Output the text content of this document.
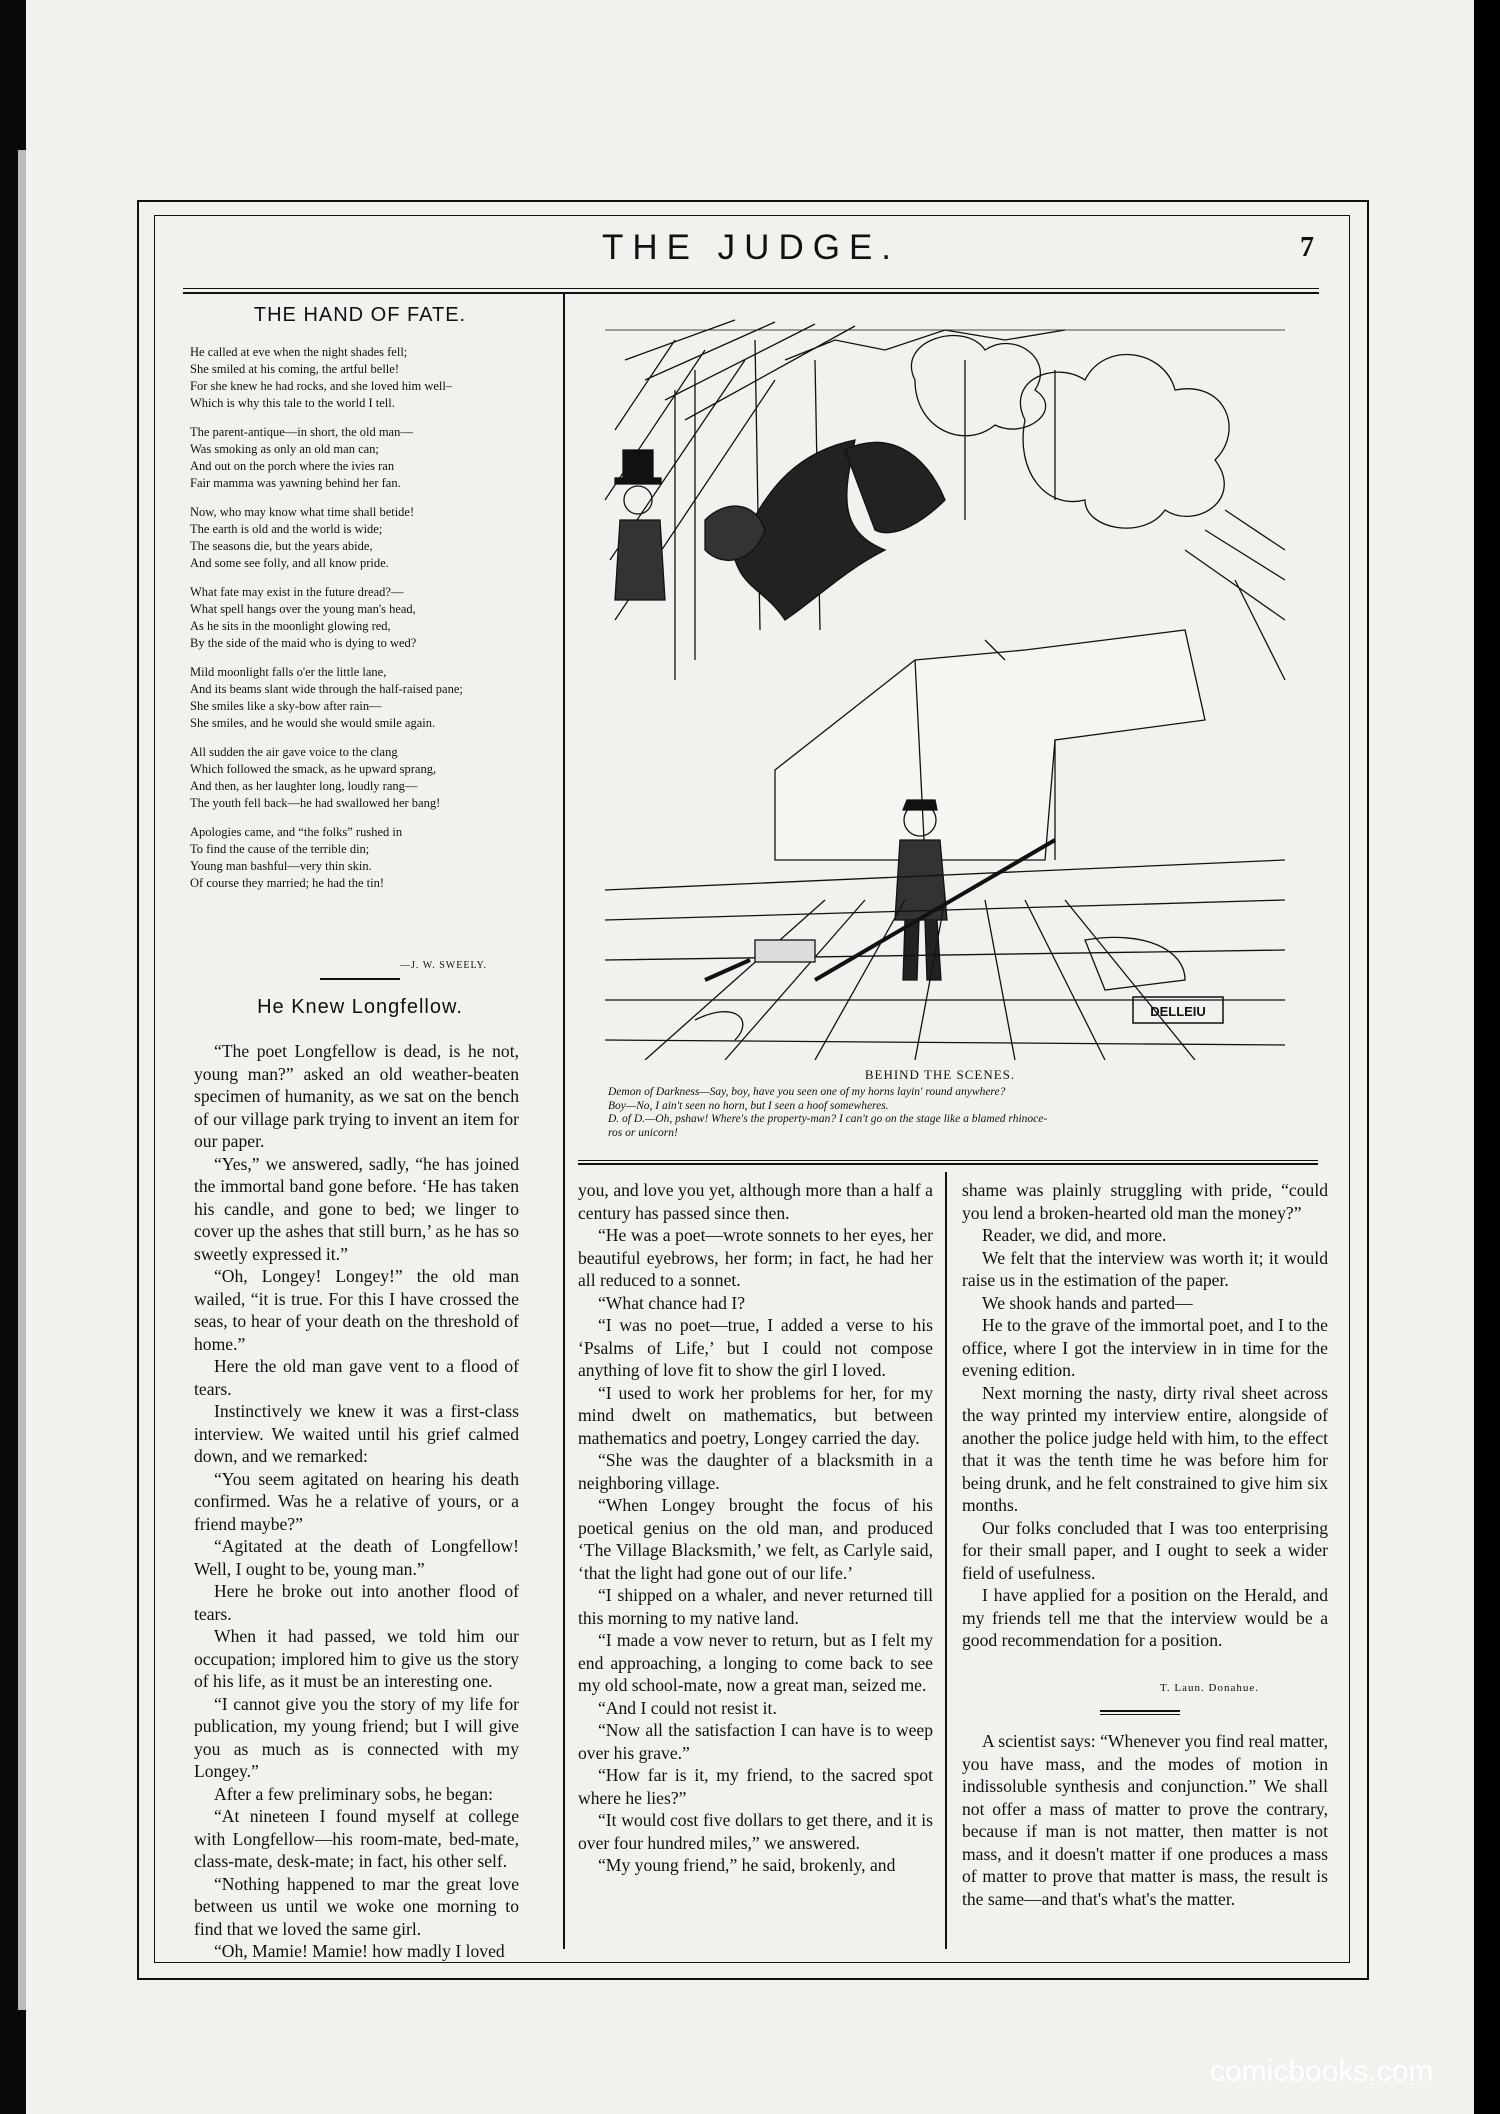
THE JUDGE.	7
THE HAND OF FATE.
He called at eve when the night shades fell;
She smiled at his coming, the artful belle!
For she knew he had rocks, and she loved him well–
Which is why this tale to the world I tell.
The parent-antique—in short, the old man—
Was smoking as only an old man can;
And out on the porch where the ivies ran
Fair mamma was yawning behind her fan.
Now, who may know what time shall betide!
The earth is old and the world is wide;
The seasons die, but the years abide,
And some see folly, and all know pride.
What fate may exist in the future dread?—
What spell hangs over the young man's head,
As he sits in the moonlight glowing red,
By the side of the maid who is dying to wed?
Mild moonlight falls o'er the little lane,
And its beams slant wide through the half-raised pane;
She smiles like a sky-bow after rain—
She smiles, and he would she would smile again.
All sudden the air gave voice to the clang
Which followed the smack, as he upward sprang,
And then, as her laughter long, loudly rang—
The youth fell back—he had swallowed her bang!
Apologies came, and “the folks” rushed in
To find the cause of the terrible din;
Young man bashful—very thin skin.
Of course they married; he had the tin!
—J. W. SWEELY.
He Knew Longfellow.

“The poet Longfellow is dead, is he not, young man?” asked an old weather-beaten specimen of humanity, as we sat on the bench of our village park trying to invent an item for our paper.

“Yes,” we answered, sadly, “he has joined the immortal band gone before. ‘He has taken his candle, and gone to bed; we linger to cover up the ashes that still burn,’ as he has so sweetly expressed it.”

“Oh, Longey! Longey!” the old man wailed, “it is true. For this I have crossed the seas, to hear of your death on the threshold of home.”

Here the old man gave vent to a flood of tears.

Instinctively we knew it was a first-class interview. We waited until his grief calmed down, and we remarked:

“You seem agitated on hearing his death confirmed. Was he a relative of yours, or a friend maybe?”

“Agitated at the death of Longfellow! Well, I ought to be, young man.”

Here he broke out into another flood of tears.

When it had passed, we told him our occupation; implored him to give us the story of his life, as it must be an interesting one.

“I cannot give you the story of my life for publication, my young friend; but I will give you as much as is connected with my Longey.”

After a few preliminary sobs, he began:

“At nineteen I found myself at college with Longfellow—his room-mate, bed-mate, class-mate, desk-mate; in fact, his other self.

“Nothing happened to mar the great love between us until we woke one morning to find that we loved the same girl.

“Oh, Mamie! Mamie! how madly I loved

you, and love you yet, although more than a half a century has passed since then.

“He was a poet—wrote sonnets to her eyes, her beautiful eyebrows, her form; in fact, he had her all reduced to a sonnet.

“What chance had I?

“I was no poet—true, I added a verse to his ‘Psalms of Life,’ but I could not compose anything of love fit to show the girl I loved.

“I used to work her problems for her, for my mind dwelt on mathematics, but between mathematics and poetry, Longey carried the day.

“She was the daughter of a blacksmith in a neighboring village.

“When Longey brought the focus of his poetical genius on the old man, and produced ‘The Village Blacksmith,’ we felt, as Carlyle said, ‘that the light had gone out of our life.’

“I shipped on a whaler, and never returned till this morning to my native land.

“I made a vow never to return, but as I felt my end approaching, a longing to come back to see my old school-mate, now a great man, seized me.

“And I could not resist it.

“Now all the satisfaction I can have is to weep over his grave.”

“How far is it, my friend, to the sacred spot where he lies?”

“It would cost five dollars to get there, and it is over four hundred miles,” we answered.

“My young friend,” he said, brokenly, and

shame was plainly struggling with pride, “could you lend a broken-hearted old man the money?”

Reader, we did, and more.

We felt that the interview was worth it; it would raise us in the estimation of the paper.

We shook hands and parted—

He to the grave of the immortal poet, and I to the office, where I got the interview in in time for the evening edition.

Next morning the nasty, dirty rival sheet across the way printed my interview entire, alongside of another the police judge held with him, to the effect that it was the tenth time he was before him for being drunk, and he felt constrained to give him six months.

Our folks concluded that I was too enterprising for their small paper, and I ought to seek a wider field of usefulness.

I have applied for a position on the Herald, and my friends tell me that the interview would be a good recommendation for a position.

T. Laun. Donahue.

A scientist says: “Whenever you find real matter, you have mass, and the modes of motion in indissoluble synthesis and conjunction.” We shall not offer a mass of matter to prove the contrary, because if man is not matter, then matter is not mass, and it doesn't matter if one produces a mass of matter to prove that matter is mass, the result is the same—and that's what's the matter.

DELLEIU
BEHIND THE SCENES.
Demon of Darkness—Say, boy, have you seen one of my horns layin' round anywhere?
Boy—No, I ain't seen no horn, but I seen a hoof somewheres.
D. of D.—Oh, pshaw! Where's the property-man? I can't go on the stage like a blamed rhinoce-
ros or unicorn!
comicbooks.com
